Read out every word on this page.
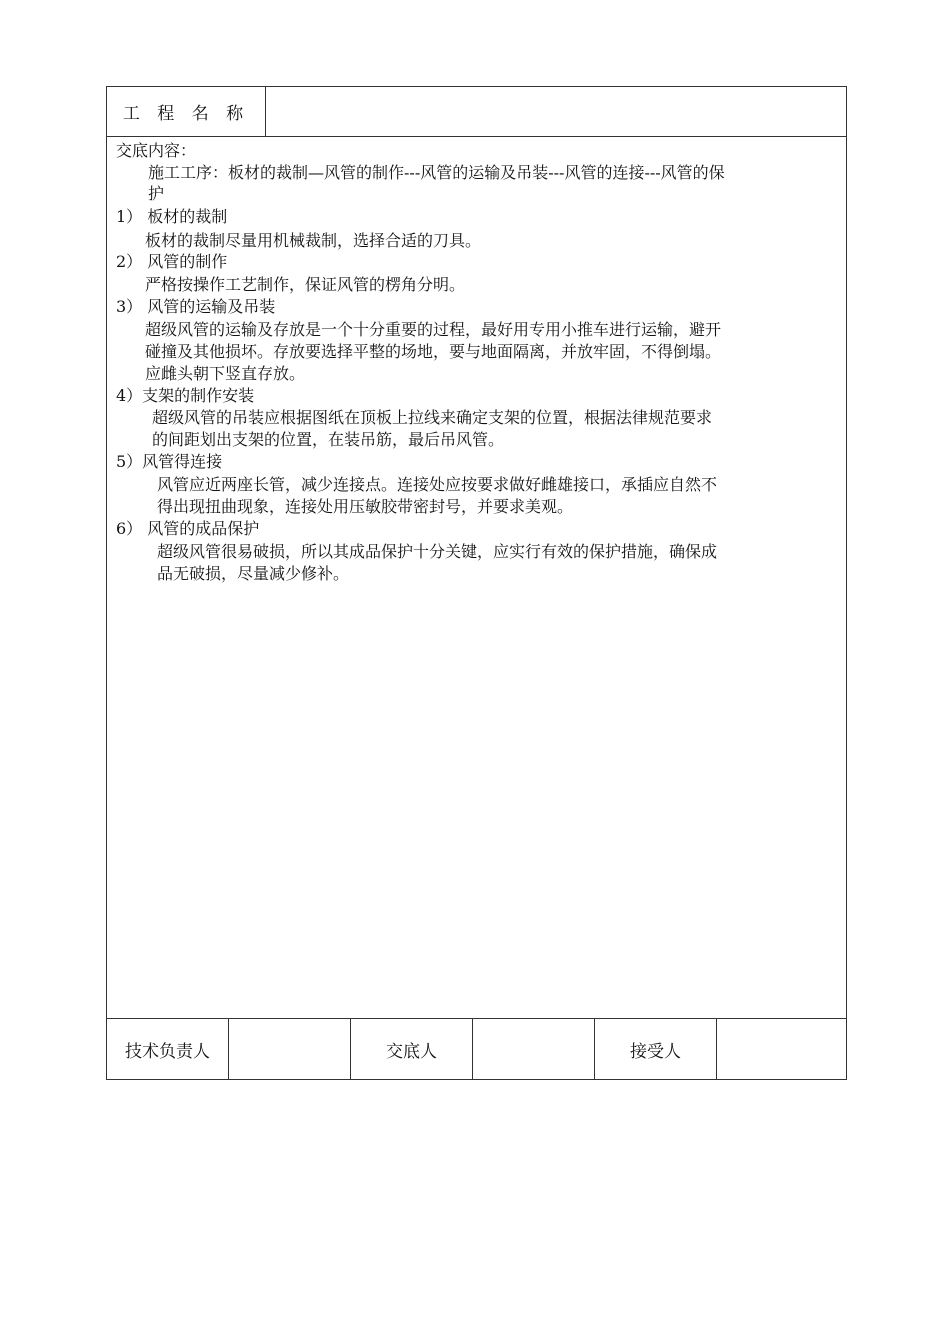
工 程 名 称
交底内容：
施工工序：板材的裁制—风管的制作---风管的运输及吊装---风管的连接---风管的保
护
1） 板材的裁制
板材的裁制尽量用机械裁制，选择合适的刀具。
2） 风管的制作
严格按操作工艺制作，保证风管的楞角分明。
3） 风管的运输及吊装
超级风管的运输及存放是一个十分重要的过程，最好用专用小推车进行运输，避开
碰撞及其他损坏。存放要选择平整的场地，要与地面隔离，并放牢固，不得倒塌。
应雌头朝下竖直存放。
4）支架的制作安装
超级风管的吊装应根据图纸在顶板上拉线来确定支架的位置，根据法律规范要求
的间距划出支架的位置，在装吊筋，最后吊风管。
5）风管得连接
风管应近两座长管，减少连接点。连接处应按要求做好雌雄接口，承插应自然不
得出现扭曲现象，连接处用压敏胶带密封号，并要求美观。
6） 风管的成品保护
超级风管很易破损，所以其成品保护十分关键，应实行有效的保护措施，确保成
品无破损，尽量减少修补。
技术负责人	交底人	接受人
